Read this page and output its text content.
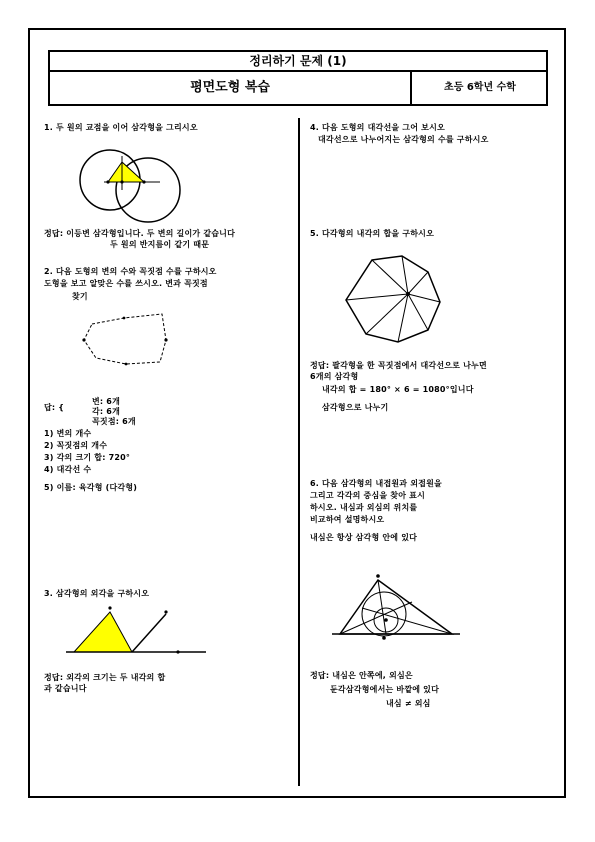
정리하기 문제 (1)
평면도형 복습	초등 6학년 수학
1. 두 원의 교점을 이어 삼각형을 그리시오
정답: 이등변 삼각형입니다. 두 변의 길이가 같습니다
두 원의 반지름이 같기 때문
2. 다음 도형의 변의 수와 꼭짓점 수를 구하시오
도형을 보고 알맞은 수를 쓰시오. 변과 꼭짓점
찾기
답: {
변: 6개
각: 6개
꼭짓점: 6개
1) 변의 개수
2) 꼭짓점의 개수
3) 각의 크기 합: 720°
4) 대각선 수
5) 이름: 육각형 (다각형)
3. 삼각형의 외각을 구하시오
정답: 외각의 크기는 두 내각의 합
과 같습니다
4. 다음 도형의 대각선을 그어 보시오
대각선으로 나누어지는 삼각형의 수를 구하시오
5. 다각형의 내각의 합을 구하시오
정답: 팔각형을 한 꼭짓점에서 대각선으로 나누면
6개의 삼각형
내각의 합 = 180° × 6 = 1080°입니다
삼각형으로 나누기
6. 다음 삼각형의 내접원과 외접원을
그리고 각각의 중심을 찾아 표시
하시오. 내심과 외심의 위치를
비교하여 설명하시오
내심은 항상 삼각형 안에 있다
정답: 내심은 안쪽에, 외심은
둔각삼각형에서는 바깥에 있다
내심 ≠ 외심
